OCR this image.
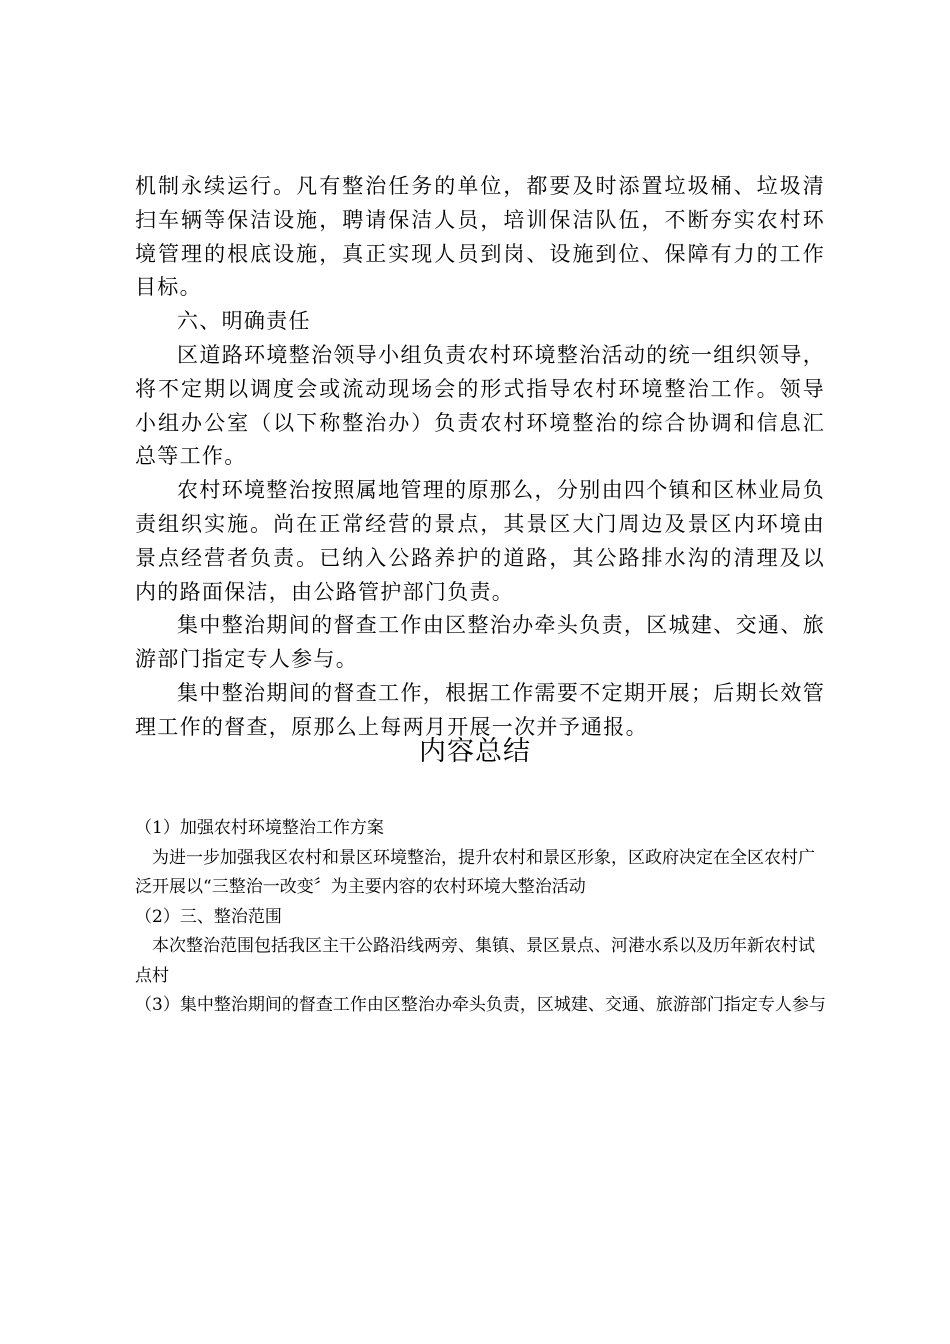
机制永续运行。凡有整治任务的单位，都要及时添置垃圾桶、垃圾清扫车辆等保洁设施，聘请保洁人员，培训保洁队伍，不断夯实农村环境管理的根底设施，真正实现人员到岗、设施到位、保障有力的工作目标。

六、明确责任

区道路环境整治领导小组负责农村环境整治活动的统一组织领导，将不定期以调度会或流动现场会的形式指导农村环境整治工作。领导小组办公室（以下称整治办）负责农村环境整治的综合协调和信息汇总等工作。

农村环境整治按照属地管理的原那么，分别由四个镇和区林业局负责组织实施。尚在正常经营的景点，其景区大门周边及景区内环境由景点经营者负责。已纳入公路养护的道路，其公路排水沟的清理及以内的路面保洁，由公路管护部门负责。

集中整治期间的督查工作由区整治办牵头负责，区城建、交通、旅游部门指定专人参与。

集中整治期间的督查工作，根据工作需要不定期开展；后期长效管理工作的督查，原那么上每两月开展一次并予通报。

内容总结

（1）加强农村环境整治工作方案

为进一步加强我区农村和景区环境整治，提升农村和景区形象，区政府决定在全区农村广泛开展以“三整治一改变〞为主要内容的农村环境大整治活动

（2）三、整治范围

本次整治范围包括我区主干公路沿线两旁、集镇、景区景点、河港水系以及历年新农村试点村

（3）集中整治期间的督查工作由区整治办牵头负责，区城建、交通、旅游部门指定专人参与
